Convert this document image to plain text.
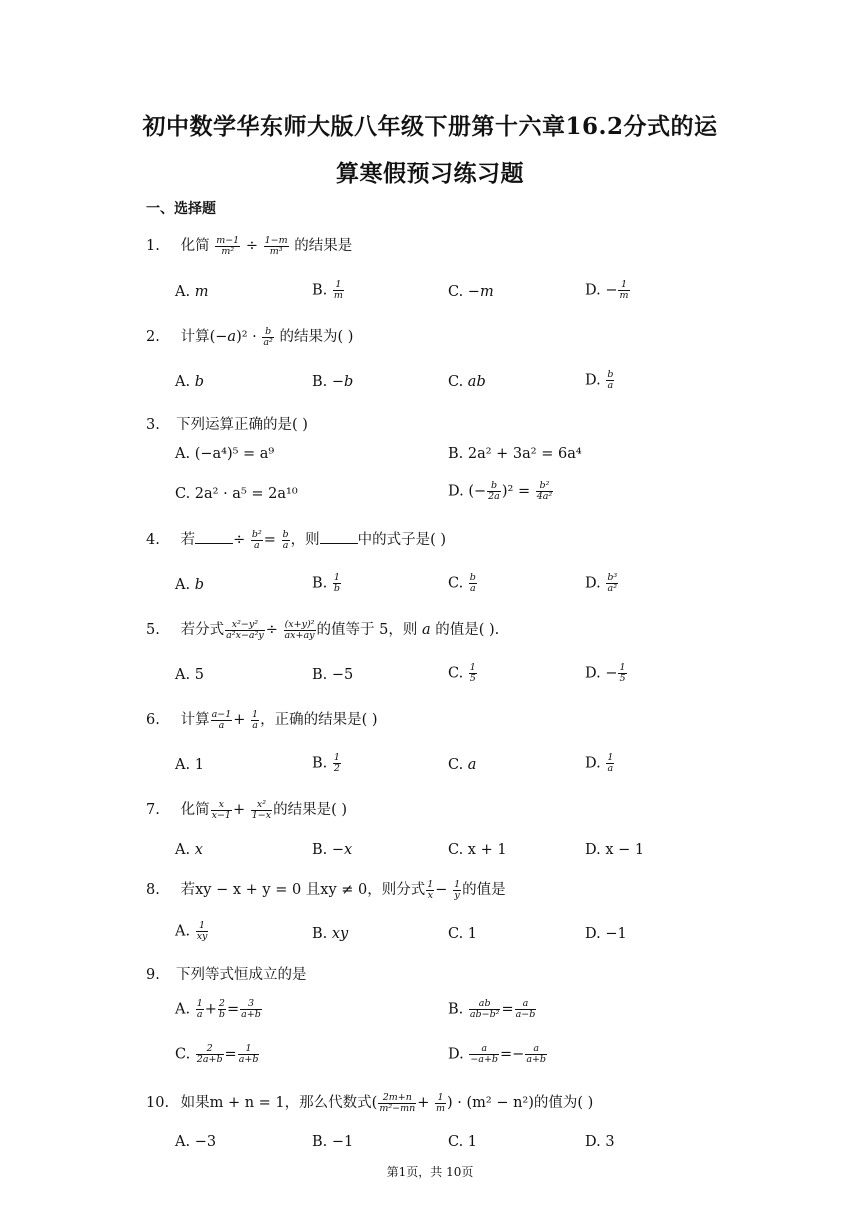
初中数学华东师大版八年级下册第十六章16.2分式的运
算寒假预习练习题
一、选择题
1. 化简 $\frac{m-1}{\text{m²}} \div \frac{1-m}{\text{m³}}$ 的结果是
A. m	B. $\frac{1}{m}$	C. −m	D. − $\frac{1}{m}$
2. 计算$(-a)^2 \cdot \frac{b}{\text{a²}}$ 的结果为( )
A. b	B. −b	C. ab	D. $\frac{b}{a}$
3. 下列运算正确的是( )
A. (−a⁴)⁵ = a⁹	B. 2a² + 3a² = 6a⁴
C. 2a² · a⁵ = 2a¹⁰	D. (− $\frac{b}{2a} )^2 = \frac{\text{b²}}{\text{4a²}}$
4. 若	÷ $\frac{\text{b²}}{a} = \frac{b}{a}$ ，则	中的式子是( )
A. b	B. $\frac{1}{b}$	C. $\frac{b}{a}$	D. $\frac{\text{b³}}{\text{a²}}$
5. 若分式 $\frac{\text{x²−y²}}{\text{a²x−a²y}} \div \frac{\text{(x+y)²}}{ax+ay}$ 的值等于 5，则 a 的值是( ).
A. 5	B. −5	C. $\frac{1}{5}$	D. − $\frac{1}{5}$
6. 计算 $\frac{a-1}{a} + \frac{1}{a}$ ，正确的结果是( )
A. 1	B. $\frac{1}{2}$	C. a	D. $\frac{1}{a}$
7. 化简 $\frac{x}{x-1} + \frac{\text{x²}}{1-x}$ 的结果是( )
A. x	B. −x	C. x + 1	D. x − 1
8. 若xy − x + y = 0 且xy ≠ 0，则分式 $\frac{1}{x} - \frac{1}{y}$ 的值是
A. $\frac{1}{xy}$	B. xy	C. 1	D. −1
9. 下列等式恒成立的是
A. $\frac{1}{a} + \frac{2}{b} = \frac{3}{a+b}$	B. $\frac{ab}{\text{ab−b²}} = \frac{a}{a-b}$
C. $\frac{2}{2a+b} = \frac{1}{a+b}$	D. $\frac{a}{-a+b} =- \frac{a}{a+b}$
10. 如果m + n = 1，那么代数式( $\frac{2m+n}{\text{m²−mn}} + \frac{1}{m}$ ) · (m² − n²)的值为( )
A. −3	B. −1	C. 1	D. 3
第1页，共 10页
